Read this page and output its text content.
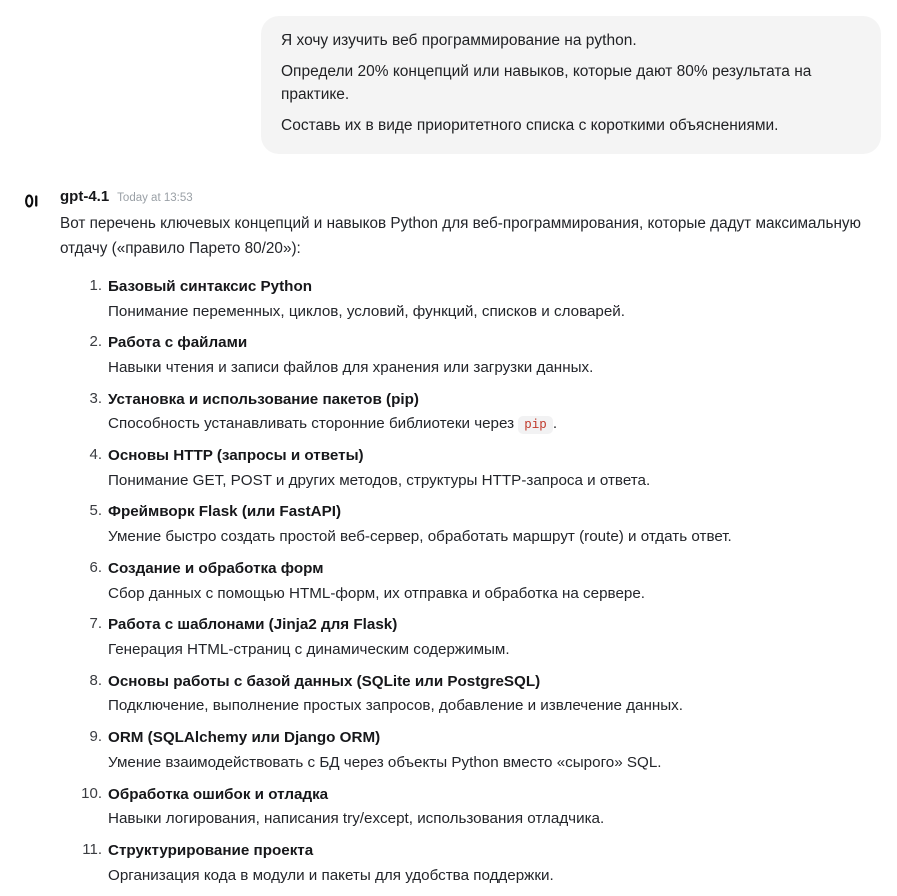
Я хочу изучить веб программирование на python.

Определи 20% концепций или навыков, которые дают 80% результата на практике.

Составь их в виде приоритетного списка с короткими объяснениями.

gpt-4.1 Today at 13:53

Вот перечень ключевых концепций и навыков Python для веб-программирования, которые дадут максимальную отдачу («правило Парето 80/20»):

Базовый синтаксис Python
Понимание переменных, циклов, условий, функций, списков и словарей.
Работа с файлами
Навыки чтения и записи файлов для хранения или загрузки данных.
Установка и использование пакетов (pip)
Способность устанавливать сторонние библиотеки через pip .
Основы HTTP (запросы и ответы)
Понимание GET, POST и других методов, структуры HTTP-запроса и ответа.
Фреймворк Flask (или FastAPI)
Умение быстро создать простой веб-сервер, обработать маршрут (route) и отдать ответ.
Создание и обработка форм
Сбор данных с помощью HTML-форм, их отправка и обработка на сервере.
Работа с шаблонами (Jinja2 для Flask)
Генерация HTML-страниц с динамическим содержимым.
Основы работы с базой данных (SQLite или PostgreSQL)
Подключение, выполнение простых запросов, добавление и извлечение данных.
ORM (SQLAlchemy или Django ORM)
Умение взаимодействовать с БД через объекты Python вместо «сырого» SQL.
Обработка ошибок и отладка
Навыки логирования, написания try/except, использования отладчика.
Структурирование проекта
Организация кода в модули и пакеты для удобства поддержки.
